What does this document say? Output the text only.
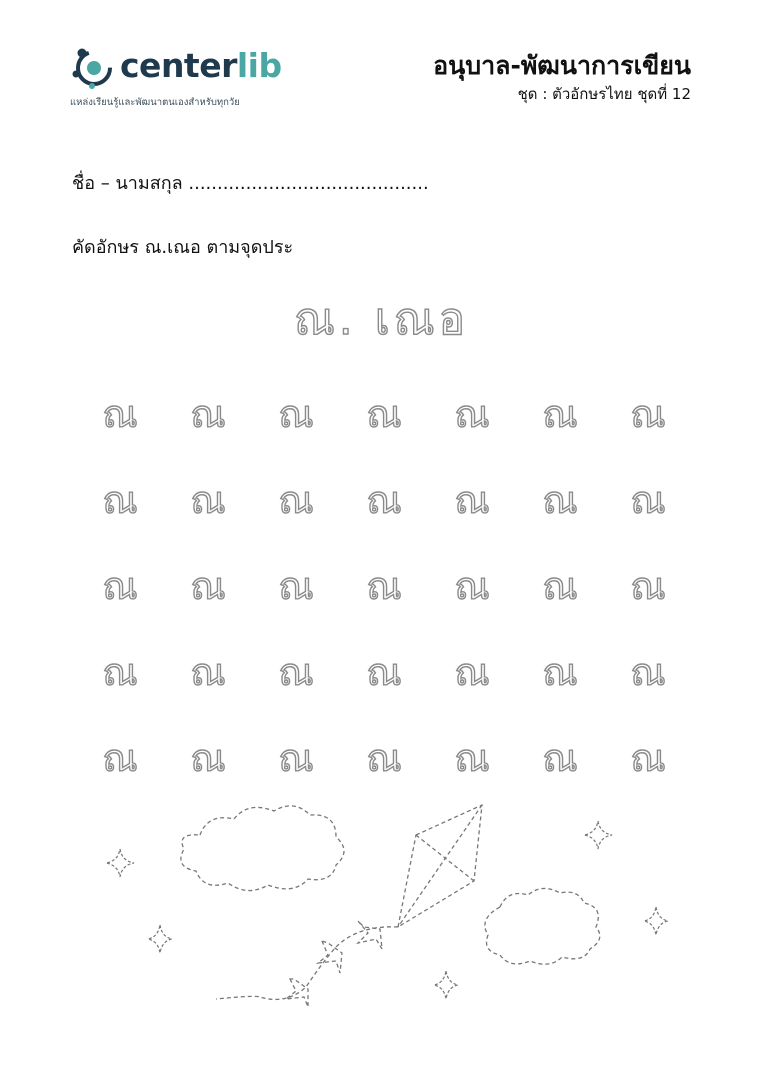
centerlib
แหล่งเรียนรู้และพัฒนาตนเองสำหรับทุกวัย
อนุบาล-พัฒนาการเขียน
ชุด : ตัวอักษรไทย ชุดที่ 12
ชื่อ – นามสกุล ..........................................
คัดอักษร ณ.เณอ ตามจุดประ
ณ. เณอ
ณ	ณ	ณ	ณ	ณ	ณ	ณ
ณ	ณ	ณ	ณ	ณ	ณ	ณ
ณ	ณ	ณ	ณ	ณ	ณ	ณ
ณ	ณ	ณ	ณ	ณ	ณ	ณ
ณ	ณ	ณ	ณ	ณ	ณ	ณ
